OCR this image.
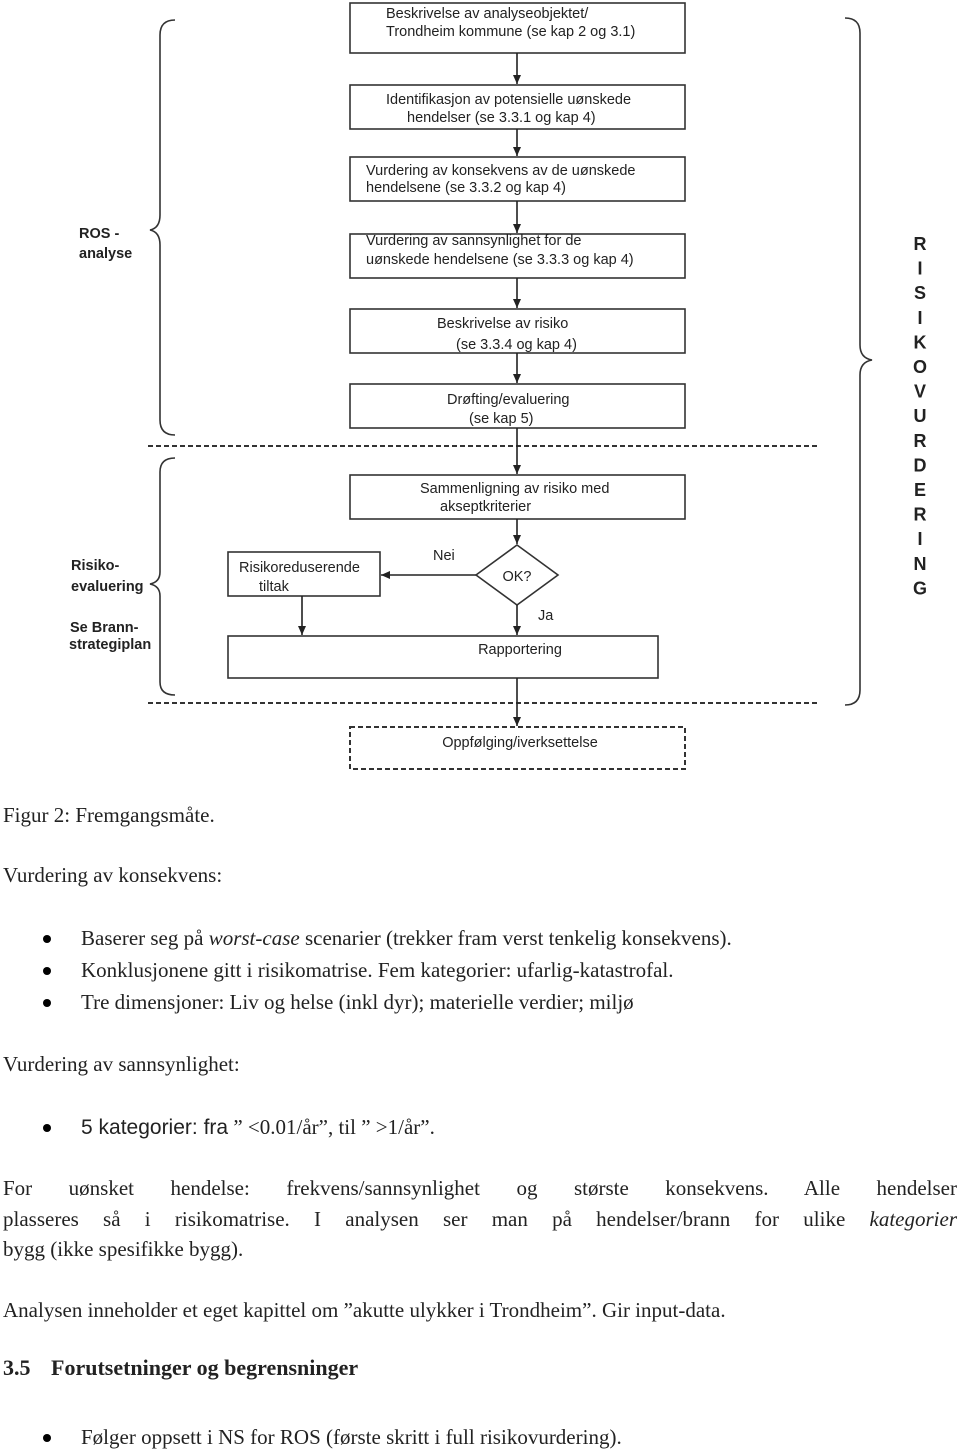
Beskrivelse av analyseobjektet/
Trondheim kommune (se kap 2 og 3.1)
Identifikasjon av potensielle uønskede
hendelser (se 3.3.1 og kap 4)
Vurdering av konsekvens av de uønskede
hendelsene (se 3.3.2 og kap 4)
Vurdering av sannsynlighet for de
uønskede hendelsene (se 3.3.3 og kap 4)
Beskrivelse av risiko
(se 3.3.4 og kap 4)
Drøfting/evaluering
(se kap 5)
Sammenligning av risiko med
akseptkriterier
Risikoreduserende
tiltak
OK?
Rapportering
Oppfølging/iverksettelse
Nei
Ja
ROS -
analyse
Risiko-
evaluering
Se Brann-
strategiplan
R
I
S
I
K
O
V
U
R
D
E
R
I
N
G

Figur 2: Fremgangsmåte.

Vurdering av konsekvens:

Baserer seg på worst-case scenarier (trekker fram verst tenkelig konsekvens).
Konklusjonene gitt i risikomatrise. Fem kategorier: ufarlig-katastrofal.
Tre dimensjoner: Liv og helse (inkl dyr); materielle verdier; miljø

Vurdering av sannsynlighet:

5 kategorier: fra ” <0.01/år”, til ” >1/år”.
For uønsket hendelse: frekvens/sannsynlighet og største konsekvens. Alle hendelser
plasseres så i risikomatrise. I analysen ser man på hendelser/brann for ulike kategorier
bygg (ikke spesifikke bygg).

Analysen inneholder et eget kapittel om ”akutte ulykker i Trondheim”. Gir input-data.

3.5 Forutsetninger og begrensninger
Følger oppsett i NS for ROS (første skritt i full risikovurdering).
